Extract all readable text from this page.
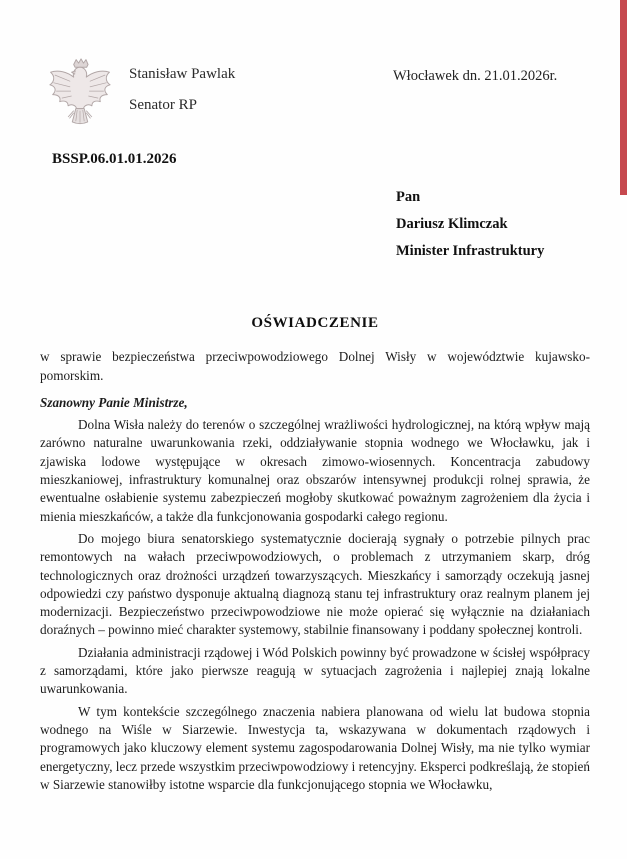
Stanisław Pawlak
Senator RP
Włocławek dn. 21.01.2026r.
BSSP.06.01.01.2026
Pan
Dariusz Klimczak
Minister Infrastruktury

OŚWIADCZENIE

w sprawie bezpieczeństwa przeciwpowodziowego Dolnej Wisły w województwie kujawsko-pomorskim.

Szanowny Panie Ministrze,

Dolna Wisła należy do terenów o szczególnej wrażliwości hydrologicznej, na którą wpływ mają zarówno naturalne uwarunkowania rzeki, oddziaływanie stopnia wodnego we Włocławku, jak i zjawiska lodowe występujące w okresach zimowo-wiosennych. Koncentracja zabudowy mieszkaniowej, infrastruktury komunalnej oraz obszarów intensywnej produkcji rolnej sprawia, że ewentualne osłabienie systemu zabezpieczeń mogłoby skutkować poważnym zagrożeniem dla życia i mienia mieszkańców, a także dla funkcjonowania gospodarki całego regionu.

Do mojego biura senatorskiego systematycznie docierają sygnały o potrzebie pilnych prac remontowych na wałach przeciwpowodziowych, o problemach z utrzymaniem skarp, dróg technologicznych oraz drożności urządzeń towarzyszących. Mieszkańcy i samorządy oczekują jasnej odpowiedzi czy państwo dysponuje aktualną diagnozą stanu tej infrastruktury oraz realnym planem jej modernizacji. Bezpieczeństwo przeciwpowodziowe nie może opierać się wyłącznie na działaniach doraźnych – powinno mieć charakter systemowy, stabilnie finansowany i poddany społecznej kontroli.

Działania administracji rządowej i Wód Polskich powinny być prowadzone w ścisłej współpracy z samorządami, które jako pierwsze reagują w sytuacjach zagrożenia i najlepiej znają lokalne uwarunkowania.

W tym kontekście szczególnego znaczenia nabiera planowana od wielu lat budowa stopnia wodnego na Wiśle w Siarzewie. Inwestycja ta, wskazywana w dokumentach rządowych i programowych jako kluczowy element systemu zagospodarowania Dolnej Wisły, ma nie tylko wymiar energetyczny, lecz przede wszystkim przeciwpowodziowy i retencyjny. Eksperci podkreślają, że stopień w Siarzewie stanowiłby istotne wsparcie dla funkcjonującego stopnia we Włocławku,
